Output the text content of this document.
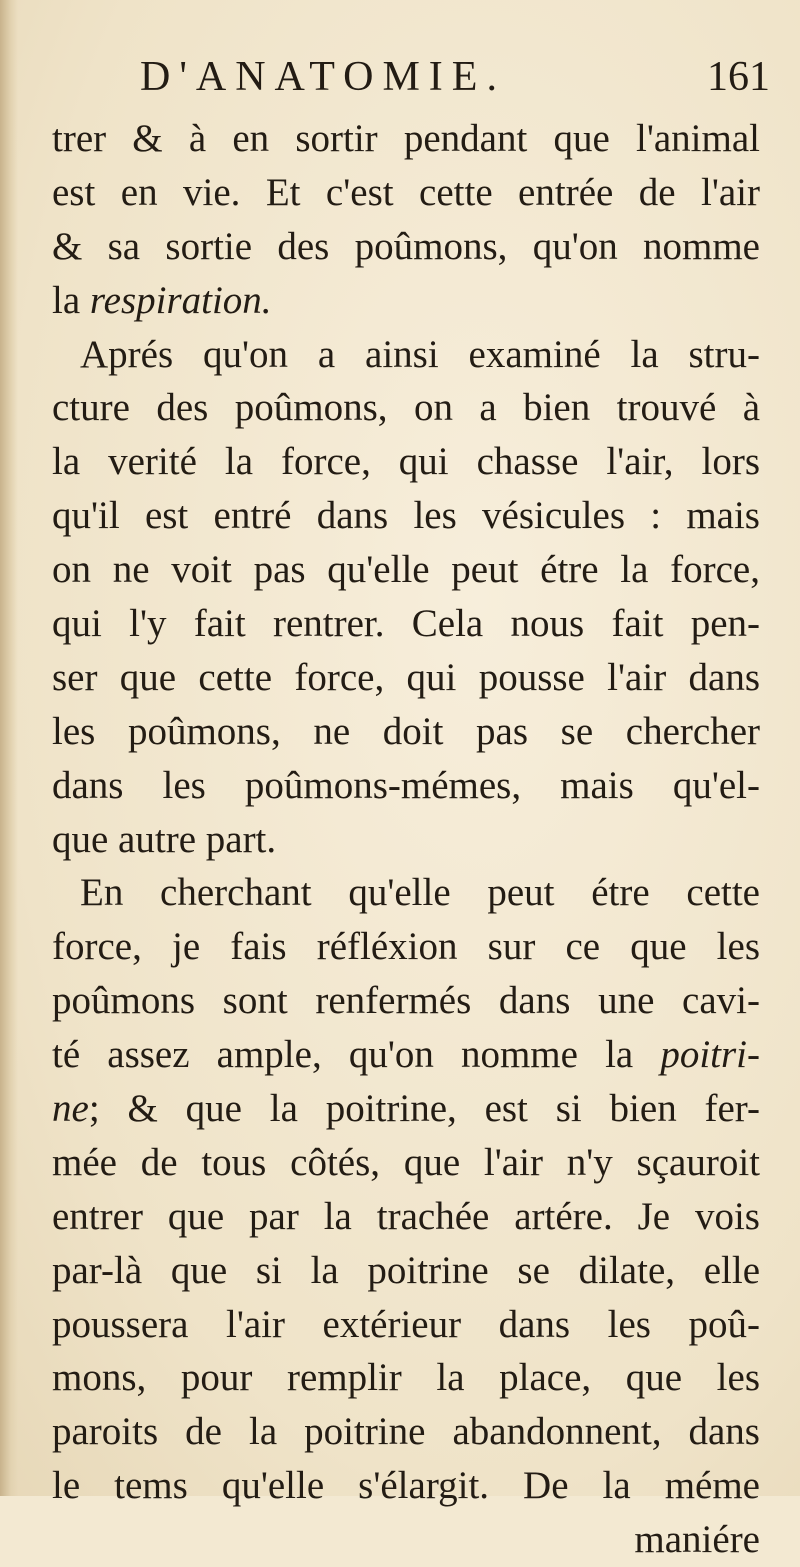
D'ANATOMIE.	161
trer & à en sortir pendant que l'animal
est en vie. Et c'est cette entrée de l'air
& sa sortie des poûmons, qu'on nomme
la respiration.
Aprés qu'on a ainsi examiné la stru-
cture des poûmons, on a bien trouvé à
la verité la force, qui chasse l'air, lors
qu'il est entré dans les vésicules : mais
on ne voit pas qu'elle peut étre la force,
qui l'y fait rentrer. Cela nous fait pen-
ser que cette force, qui pousse l'air dans
les poûmons, ne doit pas se chercher
dans les poûmons-mémes, mais qu'el-
que autre part.
En cherchant qu'elle peut étre cette
force, je fais réfléxion sur ce que les
poûmons sont renfermés dans une cavi-
té assez ample, qu'on nomme la poitri-
ne; & que la poitrine, est si bien fer-
mée de tous côtés, que l'air n'y sçauroit
entrer que par la trachée artére. Je vois
par-là que si la poitrine se dilate, elle
poussera l'air extérieur dans les poû-
mons, pour remplir la place, que les
paroits de la poitrine abandonnent, dans
le tems qu'elle s'élargit. De la méme
maniére
